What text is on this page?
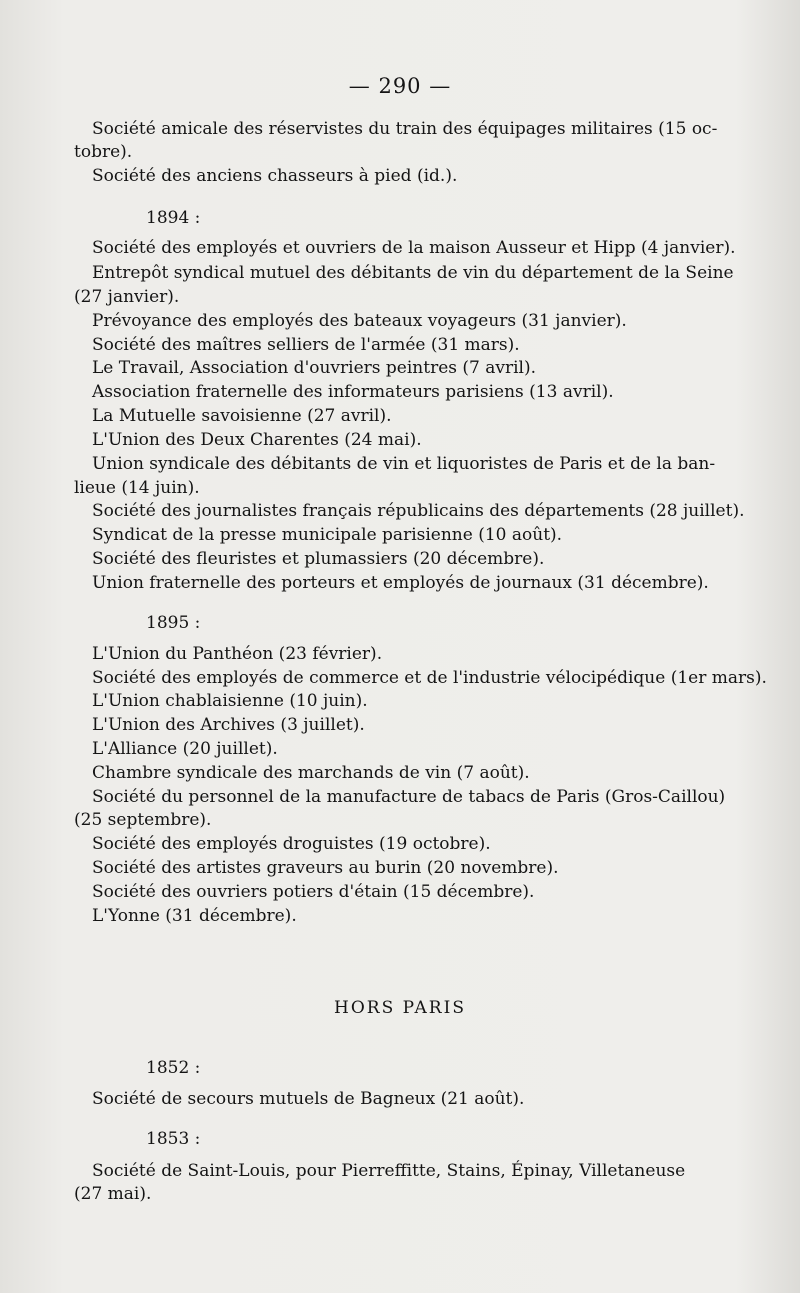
— 290 —
Société amicale des réservistes du train des équipages militaires (15 oc-
tobre).
Société des anciens chasseurs à pied (id.).
1894 :
Société des employés et ouvriers de la maison Ausseur et Hipp (4 janvier).
Entrepôt syndical mutuel des débitants de vin du département de la Seine
(27 janvier).
Prévoyance des employés des bateaux voyageurs (31 janvier).
Société des maîtres selliers de l'armée (31 mars).
Le Travail, Association d'ouvriers peintres (7 avril).
Association fraternelle des informateurs parisiens (13 avril).
La Mutuelle savoisienne (27 avril).
L'Union des Deux Charentes (24 mai).
Union syndicale des débitants de vin et liquoristes de Paris et de la ban-
lieue (14 juin).
Société des journalistes français républicains des départements (28 juillet).
Syndicat de la presse municipale parisienne (10 août).
Société des fleuristes et plumassiers (20 décembre).
Union fraternelle des porteurs et employés de journaux (31 décembre).
1895 :
L'Union du Panthéon (23 février).
Société des employés de commerce et de l'industrie vélocipédique (1er mars).
L'Union chablaisienne (10 juin).
L'Union des Archives (3 juillet).
L'Alliance (20 juillet).
Chambre syndicale des marchands de vin (7 août).
Société du personnel de la manufacture de tabacs de Paris (Gros-Caillou)
(25 septembre).
Société des employés droguistes (19 octobre).
Société des artistes graveurs au burin (20 novembre).
Société des ouvriers potiers d'étain (15 décembre).
L'Yonne (31 décembre).
1852 :
Société de secours mutuels de Bagneux (21 août).
1853 :
Société de Saint-Louis, pour Pierreffitte, Stains, Épinay, Villetaneuse
(27 mai).
HORS PARIS
